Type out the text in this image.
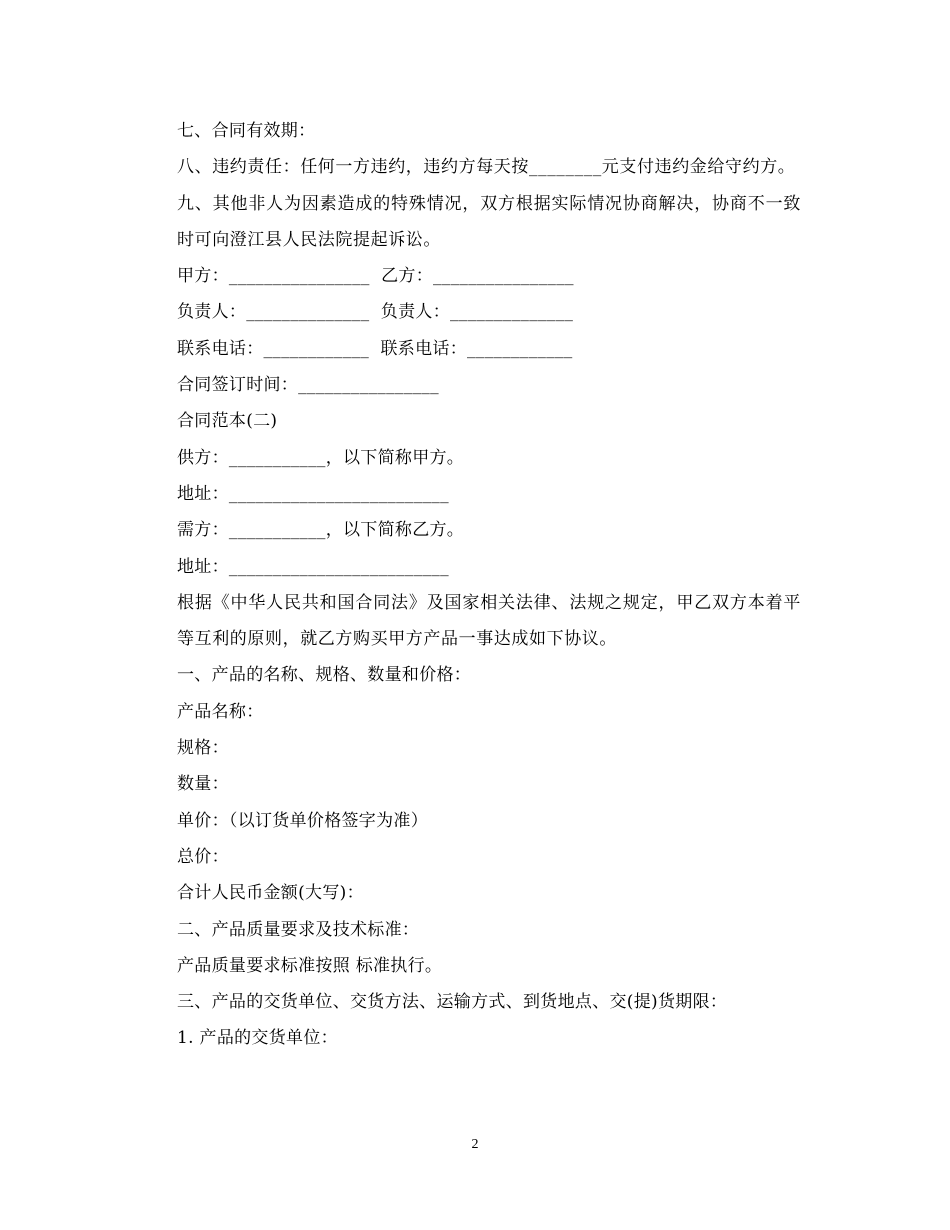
七、合同有效期：

八、违约责任：任何一方违约，违约方每天按________元支付违约金给守约方。

九、其他非人为因素造成的特殊情况，双方根据实际情况协商解决，协商不一致时可向澄江县人民法院提起诉讼。

甲方：________________  乙方：________________

负责人：______________  负责人：______________

联系电话：____________  联系电话：____________

合同签订时间：________________

合同范本(二)

供方：___________，以下简称甲方。

地址：_________________________

需方：___________，以下简称乙方。

地址：_________________________

根据《中华人民共和国合同法》及国家相关法律、法规之规定，甲乙双方本着平等互利的原则，就乙方购买甲方产品一事达成如下协议。

一、产品的名称、规格、数量和价格：

产品名称：

规格：

数量：

单价：（以订货单价格签字为准）

总价：

合计人民币金额(大写)：

二、产品质量要求及技术标准：

产品质量要求标准按照 标准执行。

三、产品的交货单位、交货方法、运输方式、到货地点、交(提)货期限：

1. 产品的交货单位：

2
